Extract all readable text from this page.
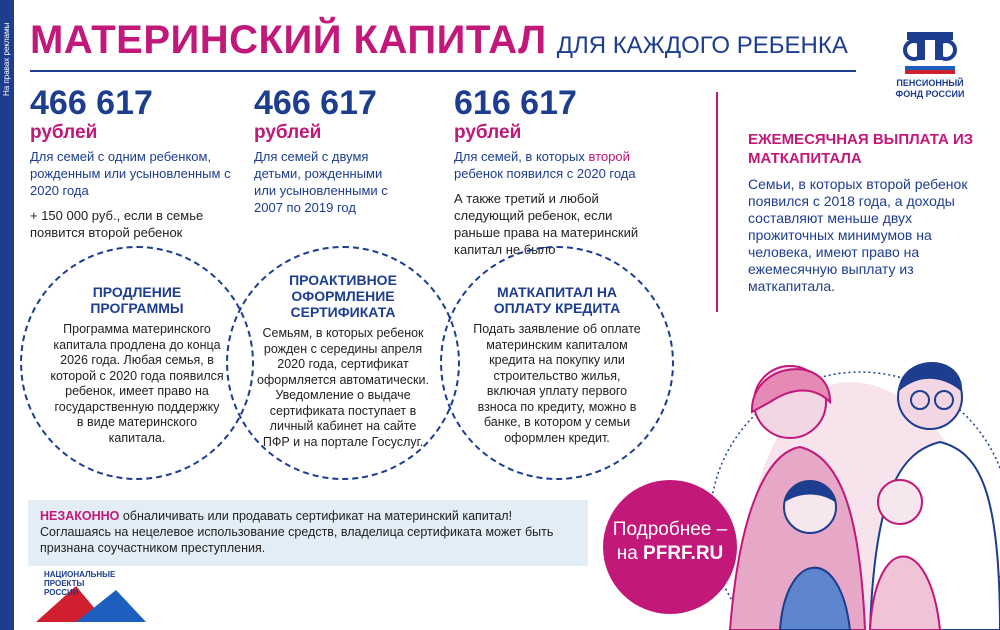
На правах рекламы МАТЕРИНСКИЙ КАПИТАЛ ДЛЯ КАЖДОГО РЕБЕНКА
ПЕНСИОННЫЙ
ФОНД РОССИИ
466 617
рублей
Для семей с одним ребенком, рожденным или усыновленным с 2020 года
+ 150 000 руб., если в семье появится второй ребенок
466 617
рублей
Для семей с двумя детьми, рожденными или усыновленными с 2007 по 2019 год
616 617
рублей
Для семей, в которых второй ребенок появился с 2020 года
А также третий и любой следующий ребенок, если раньше права на материнский капитал не было
ЕЖЕМЕСЯЧНАЯ ВЫПЛАТА ИЗ МАТКАПИТАЛА
Семьи, в которых второй ребенок появился с 2018 года, а доходы составляют меньше двух прожиточных минимумов на человека, имеют право на ежемесячную выплату из маткапитала.
ПРОДЛЕНИЕ ПРОГРАММЫ
Программа материнского капитала продлена до конца 2026 года. Любая семья, в которой с 2020 года появился ребенок, имеет право на государственную поддержку в виде материнского капитала.
ПРОАКТИВНОЕ ОФОРМЛЕНИЕ СЕРТИФИКАТА
Семьям, в которых ребенок рожден с середины апреля 2020 года, сертификат оформляется автоматически. Уведомление о выдаче сертификата поступает в личный кабинет на сайте ПФР и на портале Госуслуг.
МАТКАПИТАЛ НА ОПЛАТУ КРЕДИТА
Подать заявление об оплате материнским капиталом кредита на покупку или строительство жилья, включая уплату первого взноса по кредиту, можно в банке, в котором у семьи оформлен кредит.
НЕЗАКОННО обналичивать или продавать сертификат на материнский капитал!
Соглашаясь на нецелевое использование средств, владелица сертификата может быть признана соучастником преступления.
Подробнее –
на PFRF.RU
НАЦИОНАЛЬНЫЕ
ПРОЕКТЫ
РОССИИ
